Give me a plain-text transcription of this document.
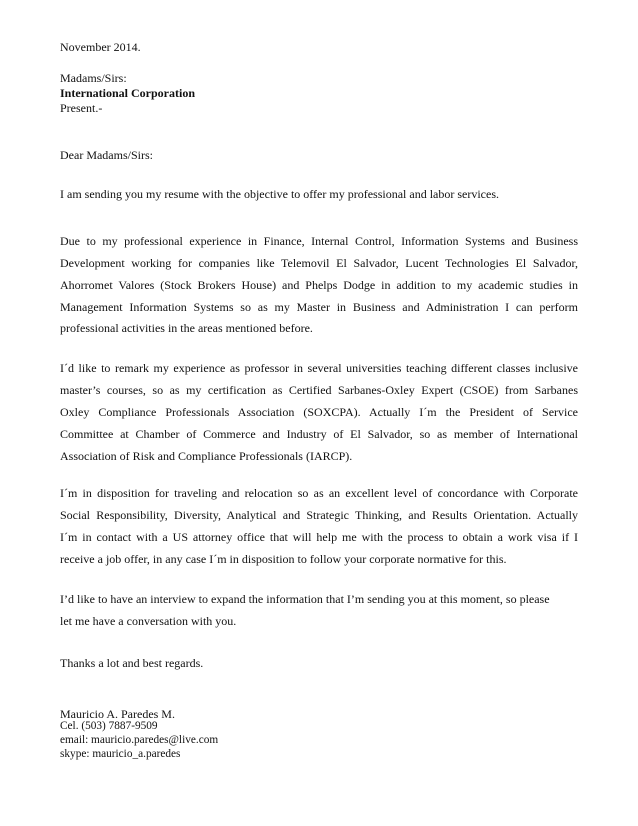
November 2014.
Madams/Sirs:
International Corporation
Present.-
Dear Madams/Sirs:
I am sending you my resume with the objective to offer my professional and labor services.
Due to my professional experience in Finance, Internal Control, Information Systems and Business
Development working for companies like Telemovil El Salvador, Lucent Technologies El Salvador,
Ahorromet Valores (Stock Brokers House) and Phelps Dodge in addition to my academic studies in
Management Information Systems so as my Master in Business and Administration I can perform
professional activities in the areas mentioned before.
I´d like to remark my experience as professor in several universities teaching different classes inclusive
master’s courses, so as my certification as Certified Sarbanes-Oxley Expert (CSOE) from Sarbanes
Oxley Compliance Professionals Association (SOXCPA). Actually I´m the President of Service
Committee at Chamber of Commerce and Industry of El Salvador, so as member of International
Association of Risk and Compliance Professionals (IARCP).
I´m in disposition for traveling and relocation so as an excellent level of concordance with Corporate
Social Responsibility, Diversity, Analytical and Strategic Thinking, and Results Orientation. Actually
I´m in contact with a US attorney office that will help me with the process to obtain a work visa if I
receive a job offer, in any case I´m in disposition to follow your corporate normative for this.
I’d like to have an interview to expand the information that I’m sending you at this moment, so please
let me have a conversation with you.
Thanks a lot and best regards.
Mauricio A. Paredes M.
Cel. (503) 7887-9509
email: mauricio.paredes@live.com
skype: mauricio_a.paredes
